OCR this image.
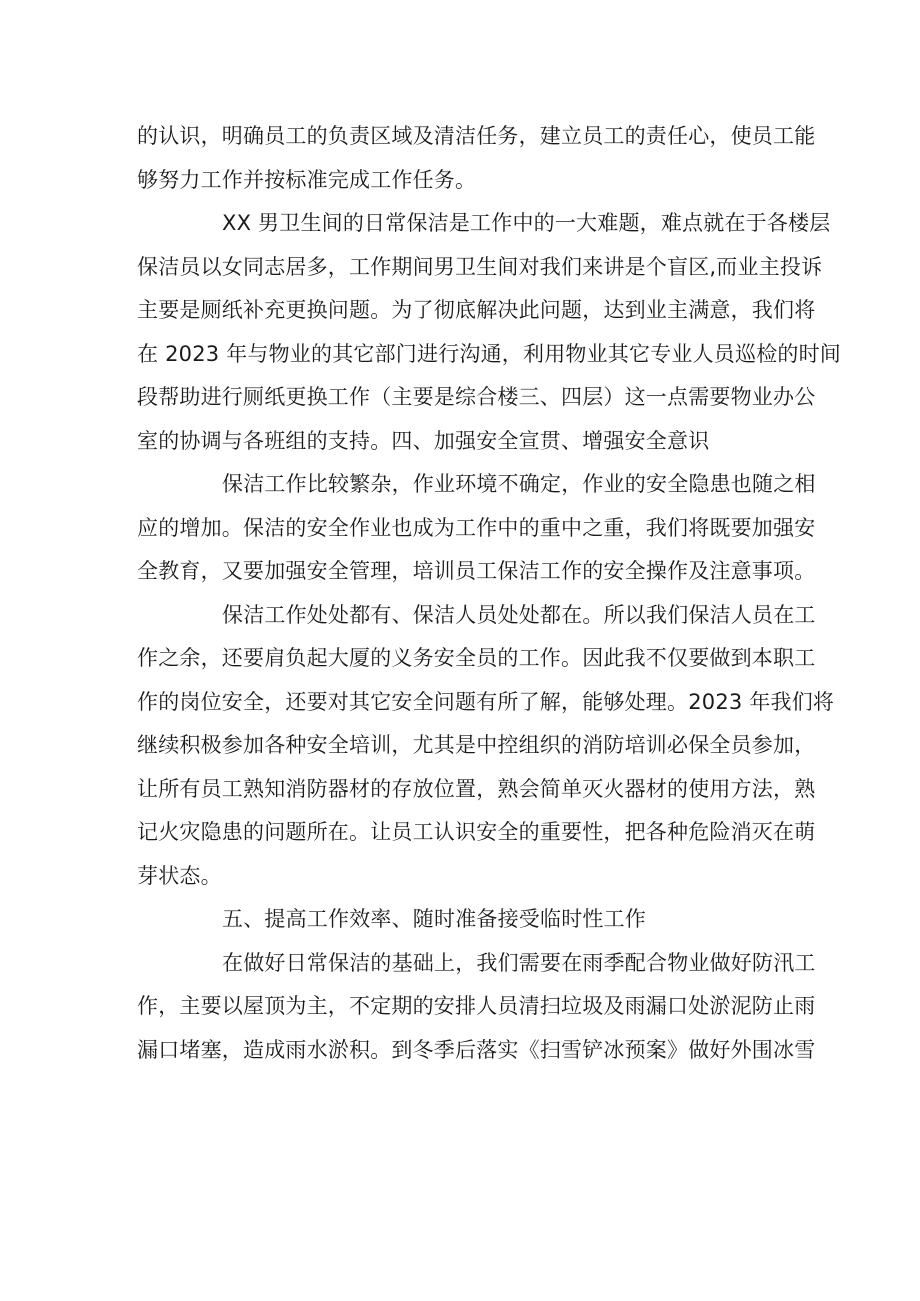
的认识，明确员工的负责区域及清洁任务，建立员工的责任心，使员工能
够努力工作并按标准完成工作任务。
XX 男卫生间的日常保洁是工作中的一大难题，难点就在于各楼层
保洁员以女同志居多，工作期间男卫生间对我们来讲是个盲区,而业主投诉
主要是厕纸补充更换问题。为了彻底解决此问题，达到业主满意，我们将
在 2023 年与物业的其它部门进行沟通，利用物业其它专业人员巡检的时间
段帮助进行厕纸更换工作（主要是综合楼三、四层）这一点需要物业办公
室的协调与各班组的支持。四、加强安全宣贯、增强安全意识
保洁工作比较繁杂，作业环境不确定，作业的安全隐患也随之相
应的增加。保洁的安全作业也成为工作中的重中之重，我们将既要加强安
全教育，又要加强安全管理，培训员工保洁工作的安全操作及注意事项。
保洁工作处处都有、保洁人员处处都在。所以我们保洁人员在工
作之余，还要肩负起大厦的义务安全员的工作。因此我不仅要做到本职工
作的岗位安全，还要对其它安全问题有所了解，能够处理。2023 年我们将
继续积极参加各种安全培训，尤其是中控组织的消防培训必保全员参加，
让所有员工熟知消防器材的存放位置，熟会简单灭火器材的使用方法，熟
记火灾隐患的问题所在。让员工认识安全的重要性，把各种危险消灭在萌
芽状态。
五、提高工作效率、随时准备接受临时性工作
在做好日常保洁的基础上，我们需要在雨季配合物业做好防汛工
作，主要以屋顶为主，不定期的安排人员清扫垃圾及雨漏口处淤泥防止雨
漏口堵塞，造成雨水淤积。到冬季后落实《扫雪铲冰预案》做好外围冰雪
